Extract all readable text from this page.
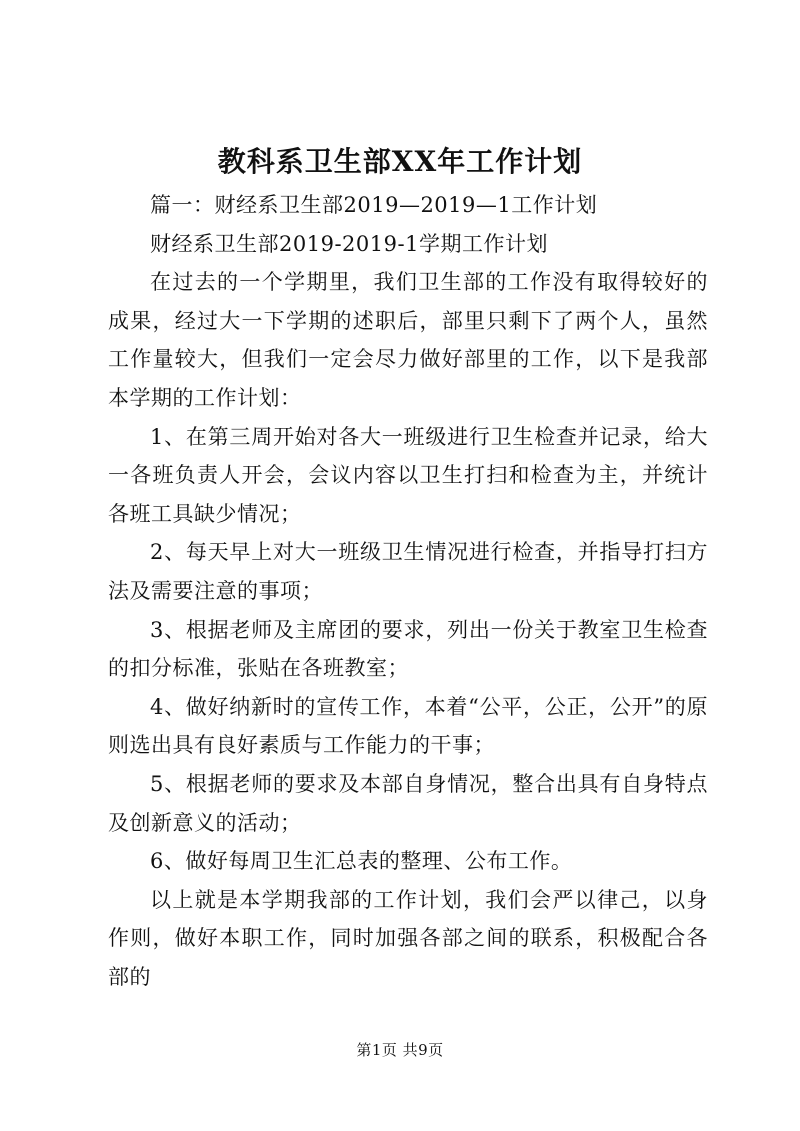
教科系卫生部XX年工作计划

篇一：财经系卫生部2019—2019—1工作计划

财经系卫生部2019-2019-1学期工作计划

在过去的一个学期里，我们卫生部的工作没有取得较好的成果，经过大一下学期的述职后，部里只剩下了两个人，虽然工作量较大，但我们一定会尽力做好部里的工作，以下是我部本学期的工作计划：

1、在第三周开始对各大一班级进行卫生检查并记录，给大一各班负责人开会，会议内容以卫生打扫和检查为主，并统计各班工具缺少情况；

2、每天早上对大一班级卫生情况进行检查，并指导打扫方法及需要注意的事项；

3、根据老师及主席团的要求，列出一份关于教室卫生检查的扣分标准，张贴在各班教室；

4、做好纳新时的宣传工作，本着“公平，公正，公开”的原则选出具有良好素质与工作能力的干事；

5、根据老师的要求及本部自身情况，整合出具有自身特点及创新意义的活动；

6、做好每周卫生汇总表的整理、公布工作。

以上就是本学期我部的工作计划，我们会严以律己，以身作则，做好本职工作，同时加强各部之间的联系，积极配合各部的

第1页 共9页
